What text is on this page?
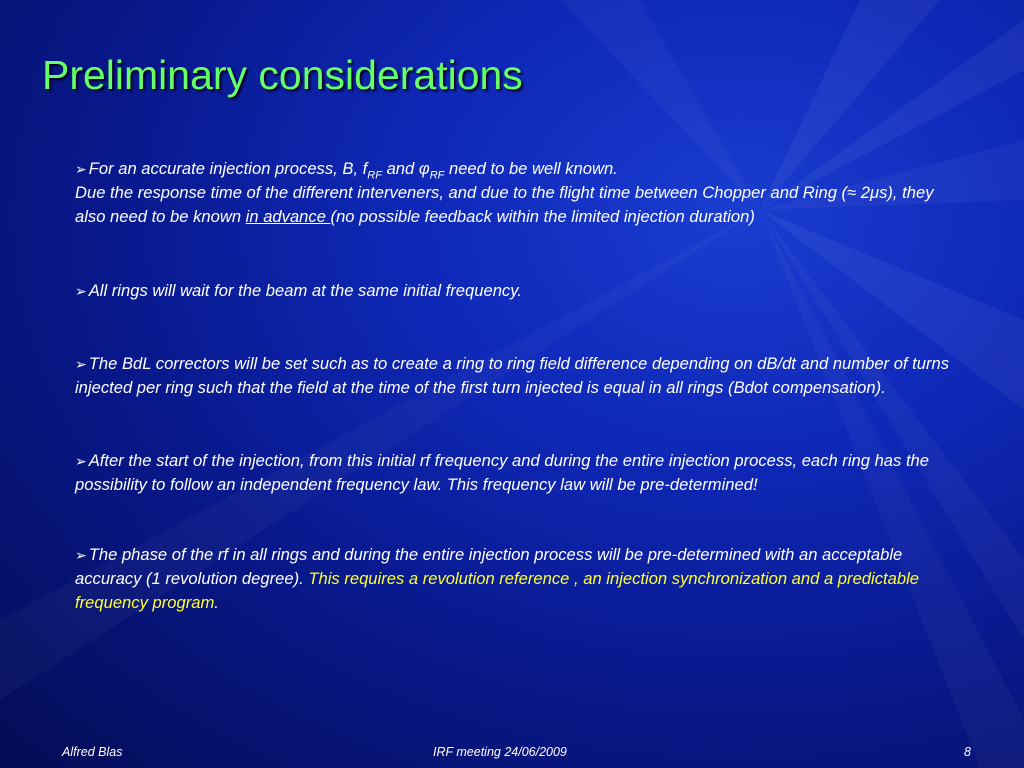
Preliminary considerations

➢ For an accurate injection process, B, $f_{RF}$ and $\varphi_{RF}$ need to be well known.
Due the response time of the different interveners, and due to the flight time between Chopper and Ring (≈ 2μs), they also need to be known in advance (no possible feedback within the limited injection duration)

➢ All rings will wait for the beam at the same initial frequency.

➢ The BdL correctors will be set such as to create a ring to ring field difference depending on dB/dt and number of turns injected per ring such that the field at the time of the first turn injected is equal in all rings (Bdot compensation).

➢ After the start of the injection, from this initial rf frequency and during the entire injection process, each ring has the possibility to follow an independent frequency law. This frequency law will be pre-determined!

➢ The phase of the rf in all rings and during the entire injection process will be pre-determined with an acceptable accuracy (1 revolution degree). This requires a revolution reference , an injection synchronization and a predictable frequency program.

Alfred Blas	IRF meeting 24/06/2009	8
